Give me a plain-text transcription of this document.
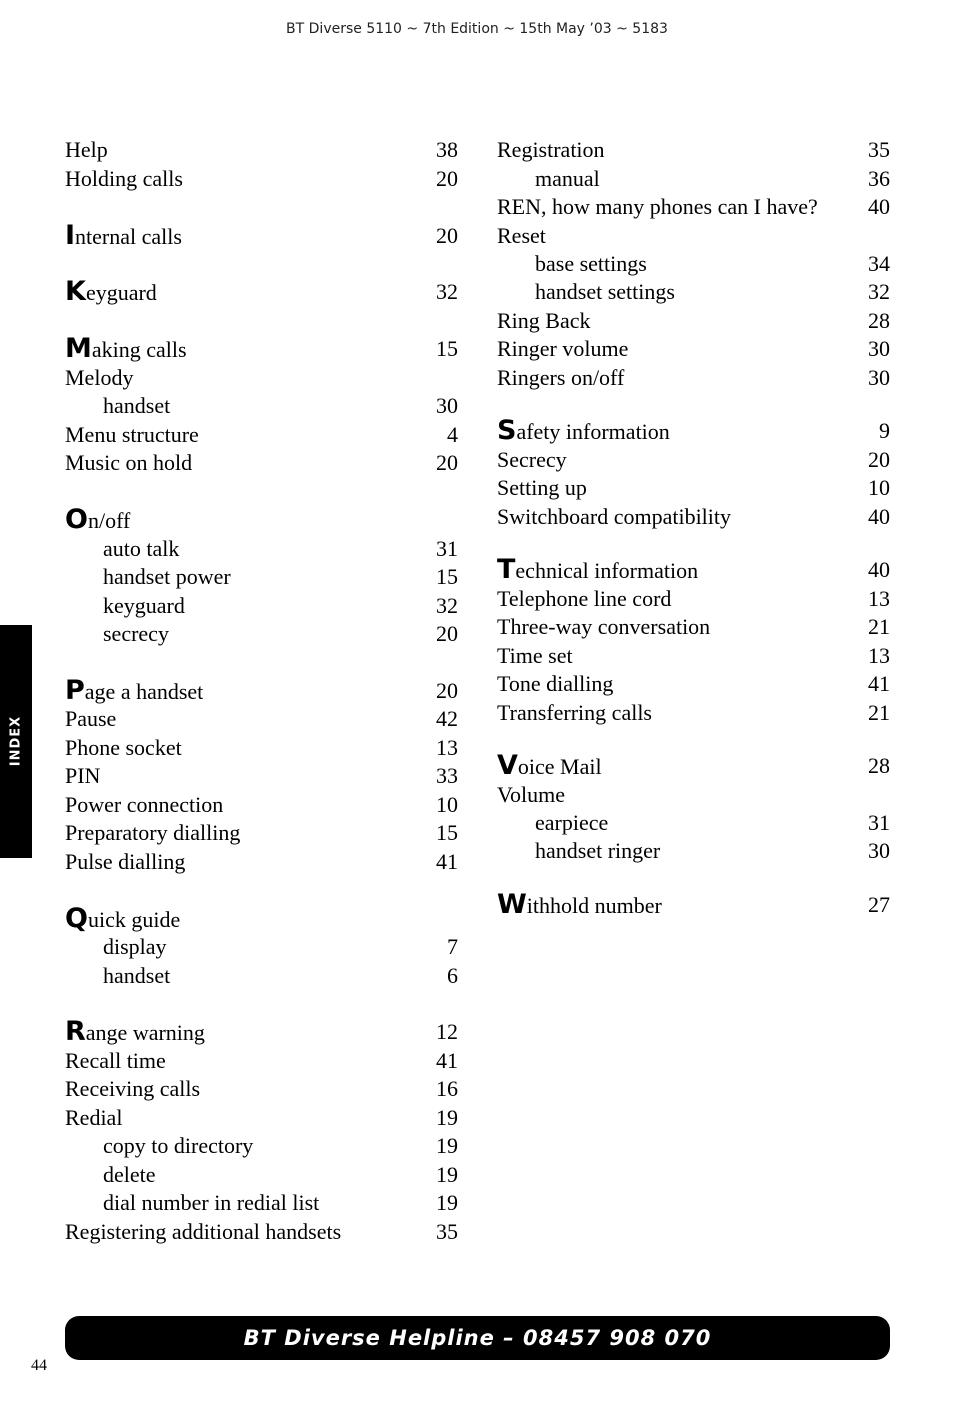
BT Diverse 5110 ~ 7th Edition ~ 15th May ’03 ~ 5183
INDEX
Help	38
Holding calls	20
Internal calls	20
Keyguard	32
Making calls	15
Melody
handset	30
Menu structure	4
Music on hold	20
On/off
auto talk	31
handset power	15
keyguard	32
secrecy	20
Page a handset	20
Pause	42
Phone socket	13
PIN	33
Power connection	10
Preparatory dialling	15
Pulse dialling	41
Quick guide
display	7
handset	6
Range warning	12
Recall time	41
Receiving calls	16
Redial	19
copy to directory	19
delete	19
dial number in redial list	19
Registering additional handsets	35
Registration	35
manual	36
REN, how many phones can I have? 40
Reset
base settings	34
handset settings	32
Ring Back	28
Ringer volume	30
Ringers on/off	30
Safety information	9
Secrecy	20
Setting up	10
Switchboard compatibility	40
Technical information	40
Telephone line cord	13
Three-way conversation	21
Time set	13
Tone dialling	41
Transferring calls	21
Voice Mail	28
Volume
earpiece	31
handset ringer	30
Withhold number	27
BT Diverse Helpline – 08457 908 070
44
